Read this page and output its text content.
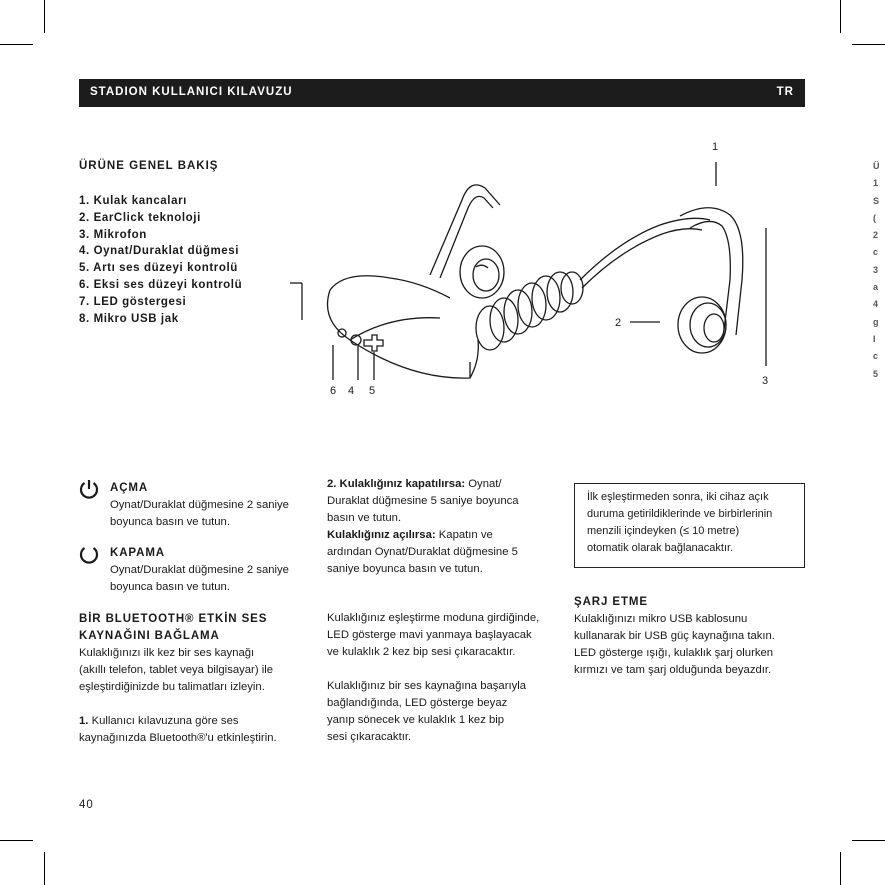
STADION KULLANICI KILAVUZU	TR
ÜRÜNE GENEL BAKIŞ
1. Kulak kancaları
2. EarClick teknoloji
3. Mikrofon
4. Oynat/Duraklat düğmesi
5. Artı ses düzeyi kontrolü
6. Eksi ses düzeyi kontrolü
7. LED göstergesi
8. Mikro USB jak
1
2
3
6 4 5
AÇMA
Oynat/Duraklat düğmesine 2 saniye boyunca basın ve tutun.
KAPAMA
Oynat/Duraklat düğmesine 2 saniye boyunca basın ve tutun.
BİR BLUETOOTH® ETKİN SES
KAYNAĞINI BAĞLAMA
Kulaklığınızı ilk kez bir ses kaynağı
(akıllı telefon, tablet veya bilgisayar) ile
eşleştirdiğinizde bu talimatları izleyin.
1. Kullanıcı kılavuzuna göre ses
kaynağınızda Bluetooth®'u etkinleştirin.
2. Kulaklığınız kapatılırsa: Oynat/
Duraklat düğmesine 5 saniye boyunca
basın ve tutun.
Kulaklığınız açılırsa: Kapatın ve
ardından Oynat/Duraklat düğmesine 5
saniye boyunca basın ve tutun.
Kulaklığınız eşleştirme moduna girdiğinde,
LED gösterge mavi yanmaya başlayacak
ve kulaklık 2 kez bip sesi çıkaracaktır.
Kulaklığınız bir ses kaynağına başarıyla
bağlandığında, LED gösterge beyaz
yanıp sönecek ve kulaklık 1 kez bip
sesi çıkaracaktır.
İlk eşleştirmeden sonra, iki cihaz açık
duruma getirildiklerinde ve birbirlerinin
menzili içindeyken (≤ 10 metre)
otomatik olarak bağlanacaktır.
ŞARJ ETME
Kulaklığınızı mikro USB kablosunu
kullanarak bir USB güç kaynağına takın.
LED gösterge ışığı, kulaklık şarj olurken
kırmızı ve tam şarj olduğunda beyazdır.
40
Ü
1
S
(
2
c
3
a
4
g
I
c
5
